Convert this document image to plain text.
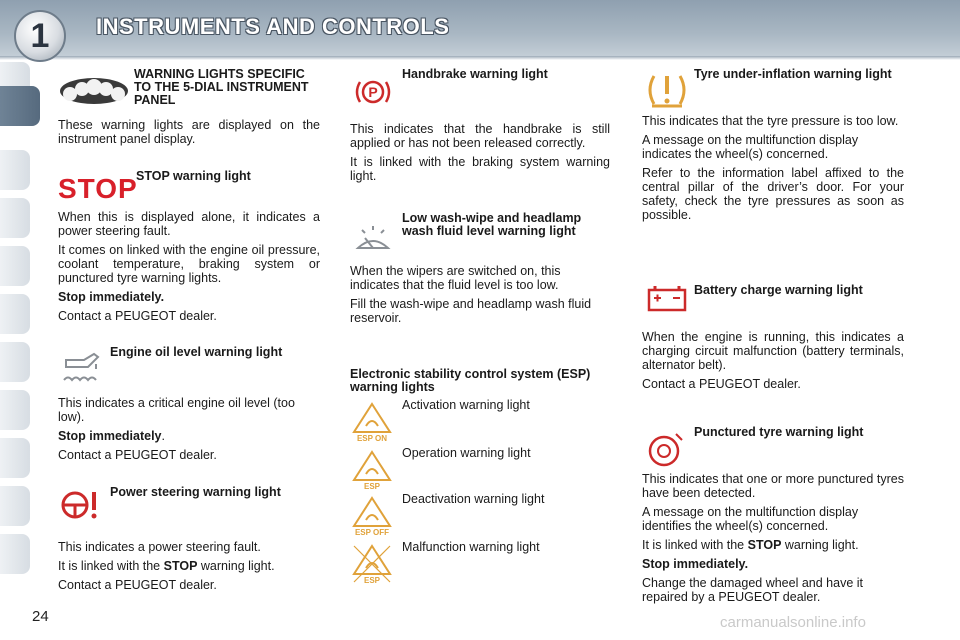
1	INSTRUMENTS AND CONTROLS
WARNING LIGHTS SPECIFIC TO THE 5-DIAL INSTRUMENT PANEL

These warning lights are displayed on the instrument panel display.

STOP
STOP warning light

When this is displayed alone, it indicates a power steering fault.

It comes on linked with the engine oil pressure, coolant temperature, braking system or punctured tyre warning lights.

Stop immediately.

Contact a PEUGEOT dealer.

Engine oil level warning light

This indicates a critical engine oil level (too low).

Stop immediately.

Contact a PEUGEOT dealer.

Power steering warning light

This indicates a power steering fault.

It is linked with the STOP warning light.

Contact a PEUGEOT dealer.

P
Handbrake warning light

This indicates that the handbrake is still applied or has not been released correctly.

It is linked with the braking system warning light.

Low wash-wipe and headlamp wash fluid level warning light

When the wipers are switched on, this indicates that the fluid level is too low.

Fill the wash-wipe and headlamp wash fluid reservoir.

Electronic stability control system (ESP) warning lights
ESP ON
Activation warning light
ESP
Operation warning light
ESP OFF
Deactivation warning light
ESP
Malfunction warning light
Tyre under-inflation warning light

This indicates that the tyre pressure is too low.

A message on the multifunction display indicates the wheel(s) concerned.

Refer to the information label affixed to the central pillar of the driver’s door. For your safety, check the tyre pressures as soon as possible.

Battery charge warning light

When the engine is running, this indicates a charging circuit malfunction (battery terminals, alternator belt).

Contact a PEUGEOT dealer.

Punctured tyre warning light

This indicates that one or more punctured tyres have been detected.

A message on the multifunction display identifies the wheel(s) concerned.

It is linked with the STOP warning light.

Stop immediately.

Change the damaged wheel and have it repaired by a PEUGEOT dealer.

24	carmanualsonline.info
